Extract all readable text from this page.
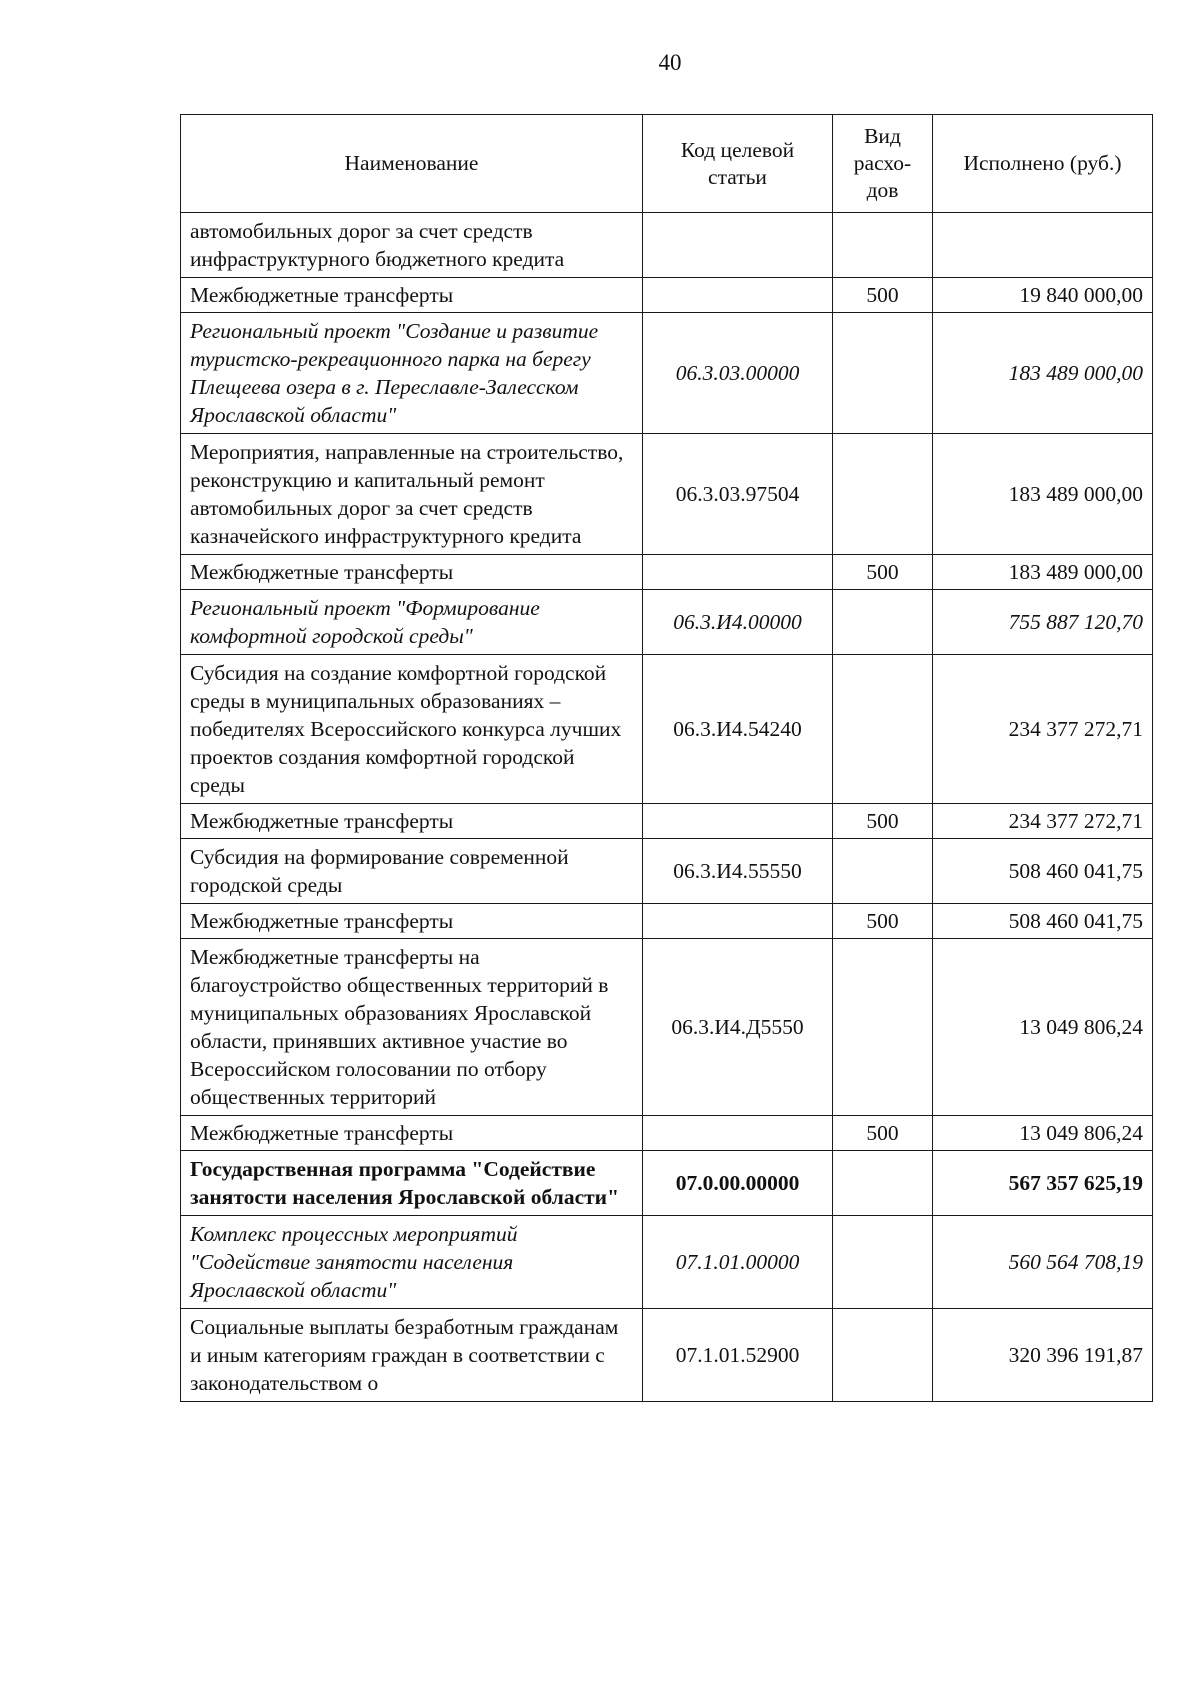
40
Наименование	Код целевой статьи	Вид расхо-дов	Исполнено (руб.)
автомобильных дорог за счет средств инфраструктурного бюджетного кредита			
Межбюджетные трансферты		500	19 840 000,00
Региональный проект "Создание и развитие туристско-рекреационного парка на берегу Плещеева озера в г. Переславле-Залесском Ярославской области"	06.3.03.00000		183 489 000,00
Мероприятия, направленные на строительство, реконструкцию и капитальный ремонт автомобильных дорог за счет средств казначейского инфраструктурного кредита	06.3.03.97504		183 489 000,00
Межбюджетные трансферты		500	183 489 000,00
Региональный проект "Формирование комфортной городской среды"	06.3.И4.00000		755 887 120,70
Субсидия на создание комфортной городской среды в муниципальных образованиях – победителях Всероссийского конкурса лучших проектов создания комфортной городской среды	06.3.И4.54240		234 377 272,71
Межбюджетные трансферты		500	234 377 272,71
Субсидия на формирование современной городской среды	06.3.И4.55550		508 460 041,75
Межбюджетные трансферты		500	508 460 041,75
Межбюджетные трансферты на благоустройство общественных территорий в муниципальных образованиях Ярославской области, принявших активное участие во Всероссийском голосовании по отбору общественных территорий	06.3.И4.Д5550		13 049 806,24
Межбюджетные трансферты		500	13 049 806,24
Государственная программа "Содействие занятости населения Ярославской области"	07.0.00.00000		567 357 625,19
Комплекс процессных мероприятий "Содействие занятости населения Ярославской области"	07.1.01.00000		560 564 708,19
Социальные выплаты безработным гражданам и иным категориям граждан в соответствии с законодательством о	07.1.01.52900		320 396 191,87
